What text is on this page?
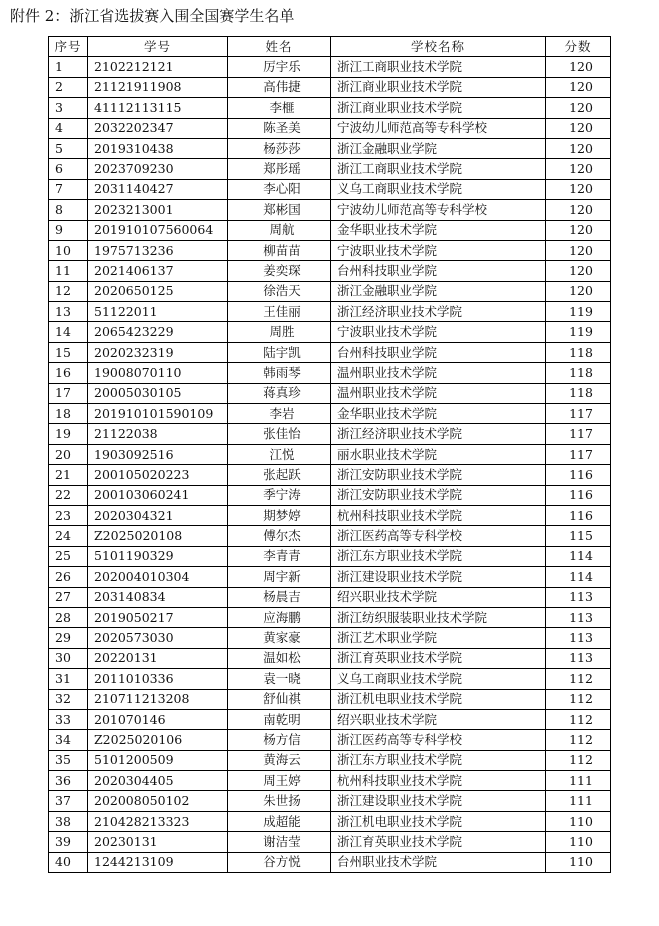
附件 2：浙江省选拔赛入围全国赛学生名单
序号	学号	姓名	学校名称	分数
1	2102212121	厉宇乐	浙江工商职业技术学院	120
2	21121911908	高伟捷	浙江商业职业技术学院	120
3	41112113115	李榧	浙江商业职业技术学院	120
4	2032202347	陈圣美	宁波幼儿师范高等专科学校	120
5	2019310438	杨莎莎	浙江金融职业学院	120
6	2023709230	郑彤瑶	浙江工商职业技术学院	120
7	2031140427	李心阳	义乌工商职业技术学院	120
8	2023213001	郑彬国	宁波幼儿师范高等专科学校	120
9	201910107560064	周航	金华职业技术学院	120
10	1975713236	柳苗苗	宁波职业技术学院	120
11	2021406137	姜奕琛	台州科技职业学院	120
12	2020650125	徐浩天	浙江金融职业学院	120
13	51122011	王佳丽	浙江经济职业技术学院	119
14	2065423229	周胜	宁波职业技术学院	119
15	2020232319	陆宇凯	台州科技职业学院	118
16	19008070110	韩雨琴	温州职业技术学院	118
17	20005030105	蒋真珍	温州职业技术学院	118
18	201910101590109	李岩	金华职业技术学院	117
19	21122038	张佳怡	浙江经济职业技术学院	117
20	1903092516	江悦	丽水职业技术学院	117
21	200105020223	张起跃	浙江安防职业技术学院	116
22	200103060241	季宁涛	浙江安防职业技术学院	116
23	2020304321	期梦婷	杭州科技职业技术学院	116
24	Z2025020108	傅尔杰	浙江医药高等专科学校	115
25	5101190329	李青青	浙江东方职业技术学院	114
26	202004010304	周宇新	浙江建设职业技术学院	114
27	203140834	杨晨吉	绍兴职业技术学院	113
28	2019050217	应海鹏	浙江纺织服装职业技术学院	113
29	2020573030	黄家豪	浙江艺术职业学院	113
30	20220131	温如松	浙江育英职业技术学院	113
31	2011010336	袁一晓	义乌工商职业技术学院	112
32	210711213208	舒仙祺	浙江机电职业技术学院	112
33	201070146	南乾明	绍兴职业技术学院	112
34	Z2025020106	杨方信	浙江医药高等专科学校	112
35	5101200509	黄海云	浙江东方职业技术学院	112
36	2020304405	周王婷	杭州科技职业技术学院	111
37	202008050102	朱世扬	浙江建设职业技术学院	111
38	210428213323	成超能	浙江机电职业技术学院	110
39	20230131	谢洁莹	浙江育英职业技术学院	110
40	1244213109	谷方悦	台州职业技术学院	110
